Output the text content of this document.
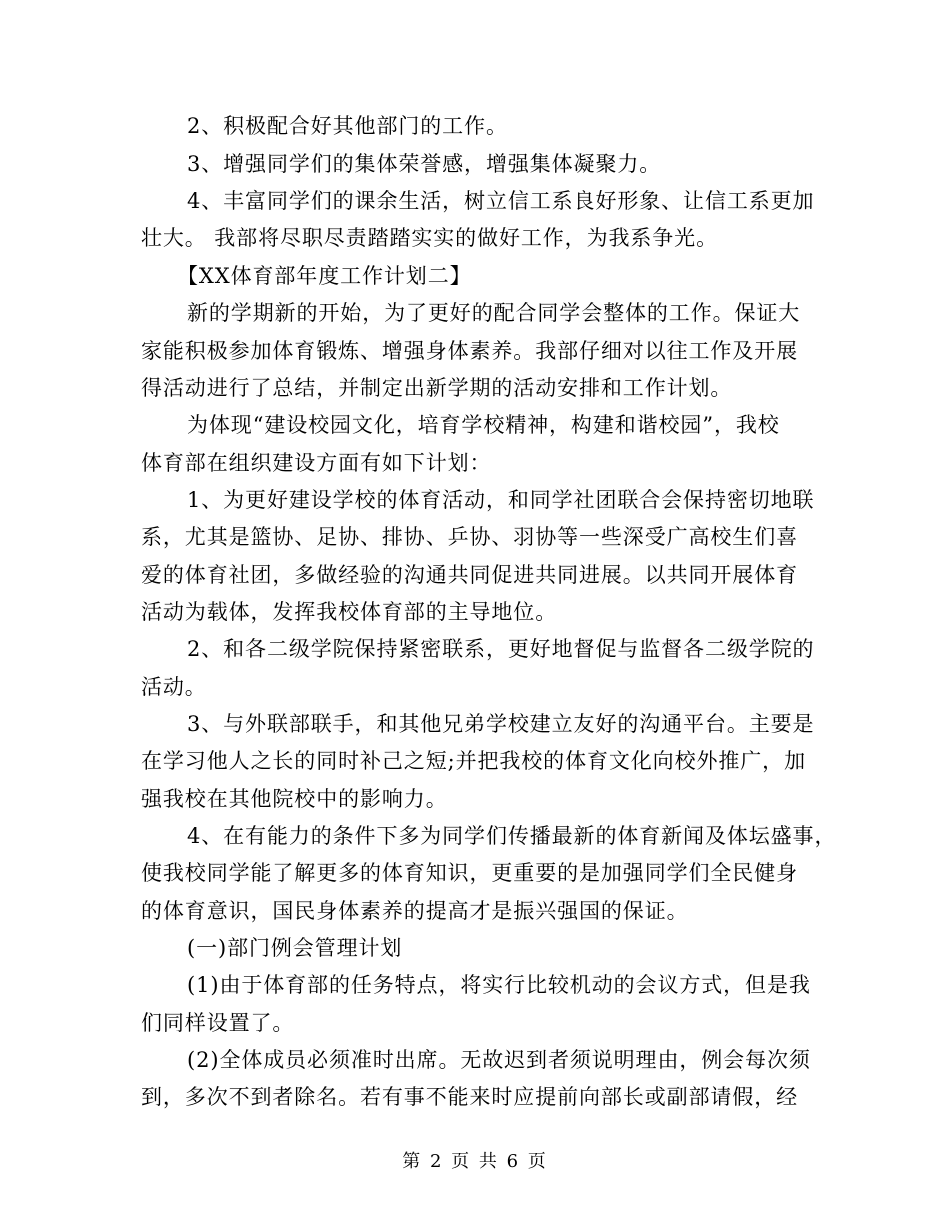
2、积极配合好其他部门的工作。

3、增强同学们的集体荣誉感，增强集体凝聚力。

4、丰富同学们的课余生活，树立信工系良好形象、让信工系更加

壮大。 我部将尽职尽责踏踏实实的做好工作，为我系争光。

【XX体育部年度工作计划二】

新的学期新的开始，为了更好的配合同学会整体的工作。保证大

家能积极参加体育锻炼、增强身体素养。我部仔细对以往工作及开展

得活动进行了总结，并制定出新学期的活动安排和工作计划。

为体现“建设校园文化，培育学校精神，构建和谐校园”，我校

体育部在组织建设方面有如下计划：

1、为更好建设学校的体育活动，和同学社团联合会保持密切地联

系，尤其是篮协、足协、排协、乒协、羽协等一些深受广高校生们喜

爱的体育社团，多做经验的沟通共同促进共同进展。以共同开展体育

活动为载体，发挥我校体育部的主导地位。

2、和各二级学院保持紧密联系，更好地督促与监督各二级学院的

活动。

3、与外联部联手，和其他兄弟学校建立友好的沟通平台。主要是

在学习他人之长的同时补己之短;并把我校的体育文化向校外推广，加

强我校在其他院校中的影响力。

4、在有能力的条件下多为同学们传播最新的体育新闻及体坛盛事，

使我校同学能了解更多的体育知识，更重要的是加强同学们全民健身

的体育意识，国民身体素养的提高才是振兴强国的保证。

(一)部门例会管理计划

(1)由于体育部的任务特点，将实行比较机动的会议方式，但是我

们同样设置了。

(2)全体成员必须准时出席。无故迟到者须说明理由，例会每次须

到，多次不到者除名。若有事不能来时应提前向部长或副部请假，经

第 2 页 共 6 页
